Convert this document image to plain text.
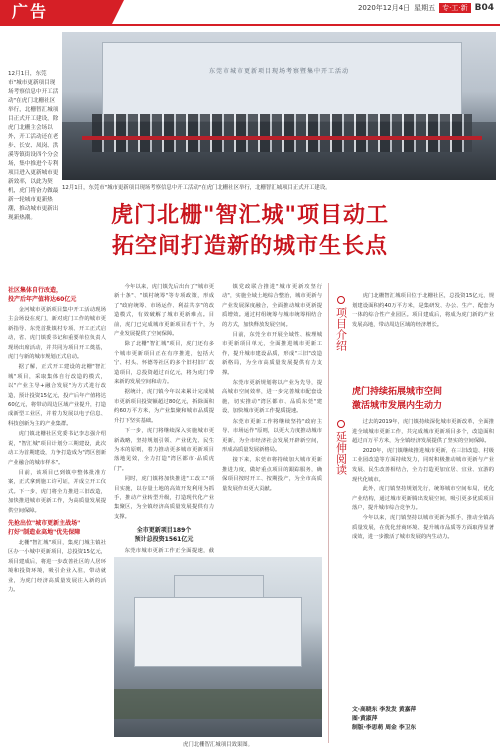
广告	2020年12月4日 星期五	专·工·新 B04
12月1日，东莞市"城市更新项目现场考察信息中开工活动"在虎门北栅社区举行，北栅智汇城项目正式开工建设，除虎门北栅主会场以外，开工活动还在老步、长安、凤岗、洪溪等镇街设四个分会场，集中推进个专利项目进入更新城市更新效率，以此为契机，虎门将奋力做最新一轮城市更新热潮，推动城市更新出现新热潮。
东莞市城市更新项目现场考察暨集中开工活动
12月1日，东莞市"城市更新项目现场考察信息中开工活动"在虎门北栅社区举行，北栅智汇城项目正式开工建设。
虎门北栅"智汇城"项目动工
拓空间打造新的城市生长点
社区集体自行改造，
投产后年产值将达60亿元

金河城市更新项目集中开工活动现场主会场设在虎门，新对虎门工作的城市更新指导、东莞首批镇村专项、开工正式启动，省、虎门镇委书记和重要单位负责人现场出席活动，并共同为项目开工奠基，虎门与新的城市规划正式启动。

据了解，正式开工建设的北栅"智汇城"项目，采取集体自行改造的模式，以"产业主导+融合发展"为方式进行改造，预计投资15亿元，投产后年产值将达60亿元，将带动周边区域产业提升，打造成新型工业区，并着力发展以电子信息、科技创新为主的产业集群。

虎门镇北栅社区党委书记李志强介绍说，"智汇城"项目计划分三期建设，此次动工为首期建设，力争打造成为"湾区创新产业融合的城市样本"。

目前，该项目已到镇中整体批准方案，正式拿到施工许可证，并成立开工仪式。下一步，虎门将全力推进三旧改造，加快推进城市更新工作，为高质量发展提供空间保障。

先抢出位"城市更新主战场"
打好"制造业高地"优先保障

北栅"智汇城"项目，集虎门城主镇社区办一小城中更新项目，总投资15亿元，项目建成后，将进一步改善社区的人居环境和投资环境，吸引企业入驻，带动就业，为虎门经济高质量发展注入新的活力。

今年以来，虎门镇先后出台了"城市更新十条"、"镇村统筹"等专项政策，形成了"政府统筹、市场运作、利益共享"的改造模式，有效破解了城市更新难点。目前，虎门已完成城市更新项目若干个，为产业发展提供了空间保障。

除了北栅"智汇城"项目，虎门还有多个城市更新项目正在有序推进，包括大宁、村头、怀德等社区的多个旧村旧厂改造项目，总投资超过百亿元，将为虎门带来新的发展空间和动力。

据统计，虎门镇今年以来累计完成城市更新项目投资额超过80亿元，拆除面积约60万平方米，为产业集聚和城市品质提升打下坚实基础。

下一步，虎门将继续深入实施城市更新战略，坚持规划引领、产业优先、民生为本的原则，着力推动更多城市更新项目落地见效，全力打造"湾区都市·品质虎门"。

同时，虎门镇将加快推进"工改工"项目实施，以存量土地的高效开发利用为抓手，推动产业转型升级，打造现代化产业集聚区，为全镇经济高质量发展提供有力支撑。

全市更新项目189个
预计总投资1561亿元

东莞市城市更新工作正全面提速，截

镇党政联合推进"城市更新攻坚行动"，实施全域土地综合整治，城市更新与产业发展深度融合，全面推动城市更新提质增效。通过村组统筹与城市统筹相结合的方式，加快释放发展空间。

目前，东莞全市开展全域性、梳理城市更新项目单元，全面推进城市更新工作，提升城市建设品质，形成"三旧"改造新格局，为全市高质量发展提供有力支撑。

东莞市更新规划将以产业为先导，提高城市空间效率，进一步完善城市配套设施，切实推动"湾区都市、品质东莞"建设，加快城市更新工作提质提速。

东莞市更新工作将继续坚持"政府主导、市场运作"原则，以更大力度推动城市更新，为全市经济社会发展开辟新空间，形成高质量发展新格局。

接下来，东莞市将持续加大城市更新推进力度，做好重点项目的跟踪服务，确保项目按时开工、按期投产，为全市高质量发展作出更大贡献。

虎门北栅智汇城项目效果图。
项目介绍
延伸阅读

虎门北栅智汇城项目位于北栅社区，总投资15亿元，规划建设面积约40万平方米，是集研发、办公、生产、配套为一体的综合性产业园区。项目建成后，将成为虎门新的产业发展高地，带动周边区域的经济增长。

虎门持续拓展城市空间
激活城市发展内生动力

过去的2019年，虎门镇持续深化城市更新改革，全面推进全域城市更新工作，共完成城市更新项目多个，改造面积超过百万平方米，为全镇经济发展提供了坚实的空间保障。

2020年，虎门镇继续推进城市更新，在三旧改造、村级工业园改造等方面持续发力，同时积极推动城市更新与产业发展、民生改善相结合，全力打造更加宜居、宜业、宜游的现代化城市。

此外，虎门镇坚持规划先行，统筹城市空间布局，优化产业结构，通过城市更新腾出发展空间，吸引更多优质项目落户，提升城市综合竞争力。

今年以来，虎门镇坚持以城市更新为抓手，推动全镇高质量发展，在优化营商环境、提升城市品质等方面取得显著成效，进一步激活了城市发展的内生动力。

文·高晓东 李发发 黄嘉萍
图·黄淑萍
制版·李思萌 周金 李卫东
